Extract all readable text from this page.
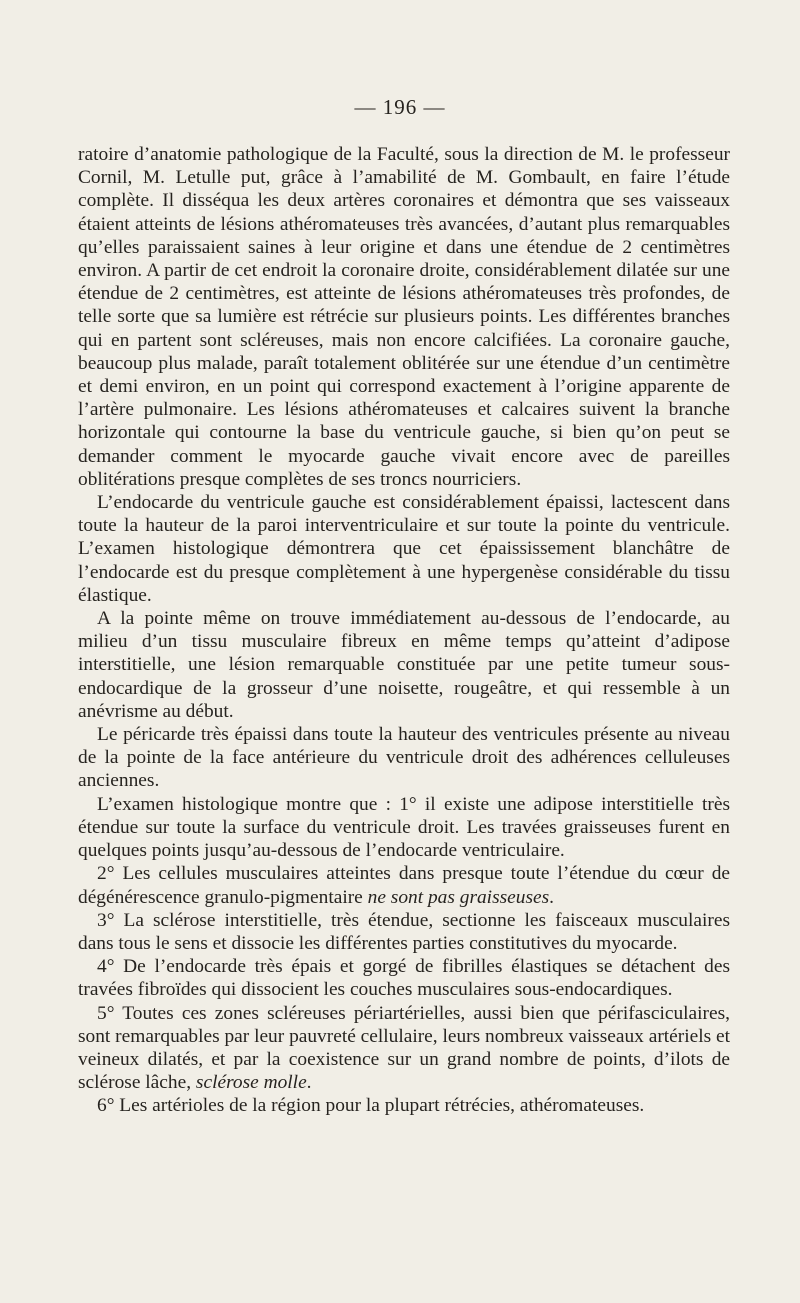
— 196 —

ratoire d’anatomie pathologique de la Faculté, sous la direction de M. le professeur Cornil, M. Letulle put, grâce à l’amabilité de M. Gombault, en faire l’étude complète. Il disséqua les deux artères coronaires et démontra que ses vaisseaux étaient atteints de lésions athéromateuses très avancées, d’autant plus remarquables qu’elles paraissaient saines à leur origine et dans une étendue de 2 centimètres environ. A partir de cet endroit la coronaire droite, considérablement dilatée sur une étendue de 2 centimètres, est atteinte de lésions athéromateuses très profondes, de telle sorte que sa lumière est rétrécie sur plusieurs points. Les différentes branches qui en partent sont scléreuses, mais non encore calcifiées. La coronaire gauche, beaucoup plus malade, paraît totalement oblitérée sur une étendue d’un centimètre et demi environ, en un point qui correspond exactement à l’origine apparente de l’artère pulmonaire. Les lésions athéromateuses et calcaires suivent la branche horizontale qui contourne la base du ventricule gauche, si bien qu’on peut se demander comment le myocarde gauche vivait encore avec de pareilles oblitérations presque complètes de ses troncs nourriciers.

L’endocarde du ventricule gauche est considérablement épaissi, lactescent dans toute la hauteur de la paroi interventriculaire et sur toute la pointe du ventricule. L’examen histologique démontrera que cet épaississement blanchâtre de l’endocarde est du presque complètement à une hypergenèse considérable du tissu élastique.

A la pointe même on trouve immédiatement au-dessous de l’endocarde, au milieu d’un tissu musculaire fibreux en même temps qu’atteint d’adipose interstitielle, une lésion remarquable constituée par une petite tumeur sous-endocardique de la grosseur d’une noisette, rougeâtre, et qui ressemble à un anévrisme au début.

Le péricarde très épaissi dans toute la hauteur des ventricules présente au niveau de la pointe de la face antérieure du ventricule droit des adhérences celluleuses anciennes.

L’examen histologique montre que : 1° il existe une adipose interstitielle très étendue sur toute la surface du ventricule droit. Les travées graisseuses furent en quelques points jusqu’au-dessous de l’endocarde ventriculaire.

2° Les cellules musculaires atteintes dans presque toute l’étendue du cœur de dégénérescence granulo-pigmentaire ne sont pas graisseuses.

3° La sclérose interstitielle, très étendue, sectionne les faisceaux musculaires dans tous le sens et dissocie les différentes parties constitutives du myocarde.

4° De l’endocarde très épais et gorgé de fibrilles élastiques se détachent des travées fibroïdes qui dissocient les couches musculaires sous-endocardiques.

5° Toutes ces zones scléreuses périartérielles, aussi bien que périfasciculaires, sont remarquables par leur pauvreté cellulaire, leurs nombreux vaisseaux artériels et veineux dilatés, et par la coexistence sur un grand nombre de points, d’ilots de sclérose lâche, sclérose molle.

6° Les artérioles de la région pour la plupart rétrécies, athéromateuses.
